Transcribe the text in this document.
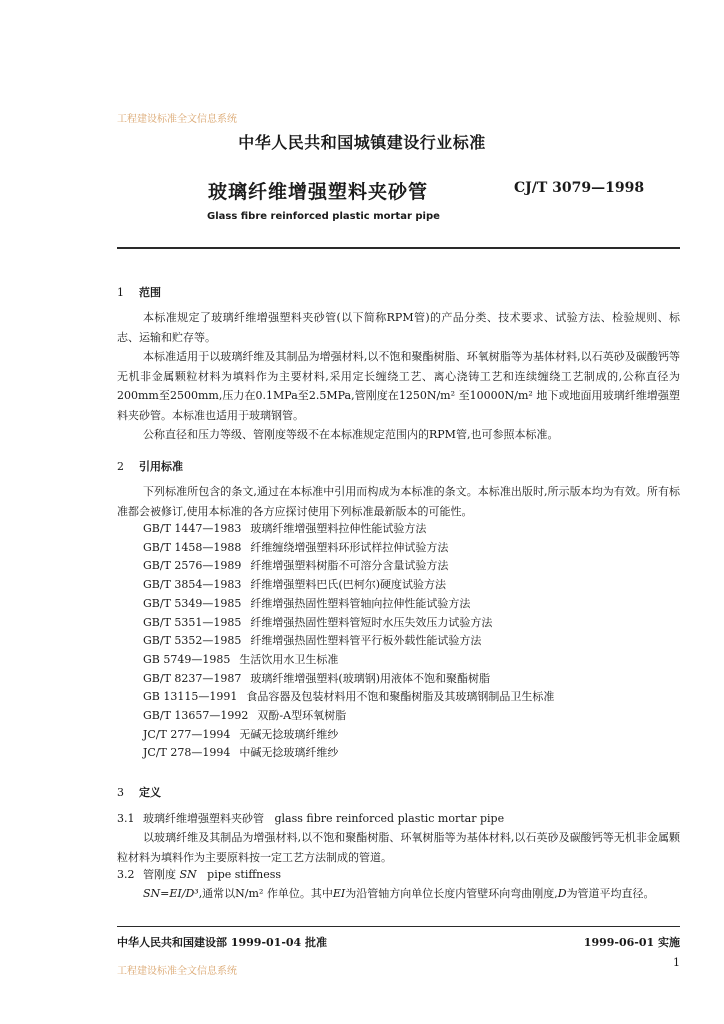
工程建设标准全文信息系统
中华人民共和国城镇建设行业标准
玻璃纤维增强塑料夹砂管	CJ/T 3079—1998
Glass fibre reinforced plastic mortar pipe
1 范围

本标准规定了玻璃纤维增强塑料夹砂管(以下简称RPM管)的产品分类、技术要求、试验方法、检验规则、标志、运输和贮存等。

本标准适用于以玻璃纤维及其制品为增强材料,以不饱和聚酯树脂、环氧树脂等为基体材料,以石英砂及碳酸钙等无机非金属颗粒材料为填料作为主要材料,采用定长缠绕工艺、离心浇铸工艺和连续缠绕工艺制成的,公称直径为200mm至2500mm,压力在0.1MPa至2.5MPa,管刚度在1250N/m² 至10000N/m² 地下或地面用玻璃纤维增强塑料夹砂管。本标准也适用于玻璃钢管。

公称直径和压力等级、管刚度等级不在本标准规定范围内的RPM管,也可参照本标准。

2 引用标准
下列标准所包含的条文,通过在本标准中引用而构成为本标准的条文。本标准出版时,所示版本均为有效。所有标准都会被修订,使用本标准的各方应探讨使用下列标准最新版本的可能性。
GB/T 1447—1983 玻璃纤维增强塑料拉伸性能试验方法
GB/T 1458—1988 纤维缠绕增强塑料环形试样拉伸试验方法
GB/T 2576—1989 纤维增强塑料树脂不可溶分含量试验方法
GB/T 3854—1983 纤维增强塑料巴氏(巴柯尔)硬度试验方法
GB/T 5349—1985 纤维增强热固性塑料管轴向拉伸性能试验方法
GB/T 5351—1985 纤维增强热固性塑料管短时水压失效压力试验方法
GB/T 5352—1985 纤维增强热固性塑料管平行板外载性能试验方法
GB 5749—1985 生活饮用水卫生标准
GB/T 8237—1987 玻璃纤维增强塑料(玻璃钢)用液体不饱和聚酯树脂
GB 13115—1991 食品容器及包装材料用不饱和聚酯树脂及其玻璃钢制品卫生标准
GB/T 13657—1992 双酚-A型环氧树脂
JC/T 277—1994 无碱无捻玻璃纤维纱
JC/T 278—1994 中碱无捻玻璃纤维纱
3 定义
3.1 玻璃纤维增强塑料夹砂管 glass fibre reinforced plastic mortar pipe
以玻璃纤维及其制品为增强材料,以不饱和聚酯树脂、环氧树脂等为基体材料,以石英砂及碳酸钙等无机非金属颗粒材料为填料作为主要原料按一定工艺方法制成的管道。
3.2 管刚度 SN pipe stiffness
SN=EI/D³,通常以N/m² 作单位。其中EI为沿管轴方向单位长度内管壁环向弯曲刚度,D为管道平均直径。
中华人民共和国建设部 1999-01-04 批准	1999-06-01 实施
1
工程建设标准全文信息系统
